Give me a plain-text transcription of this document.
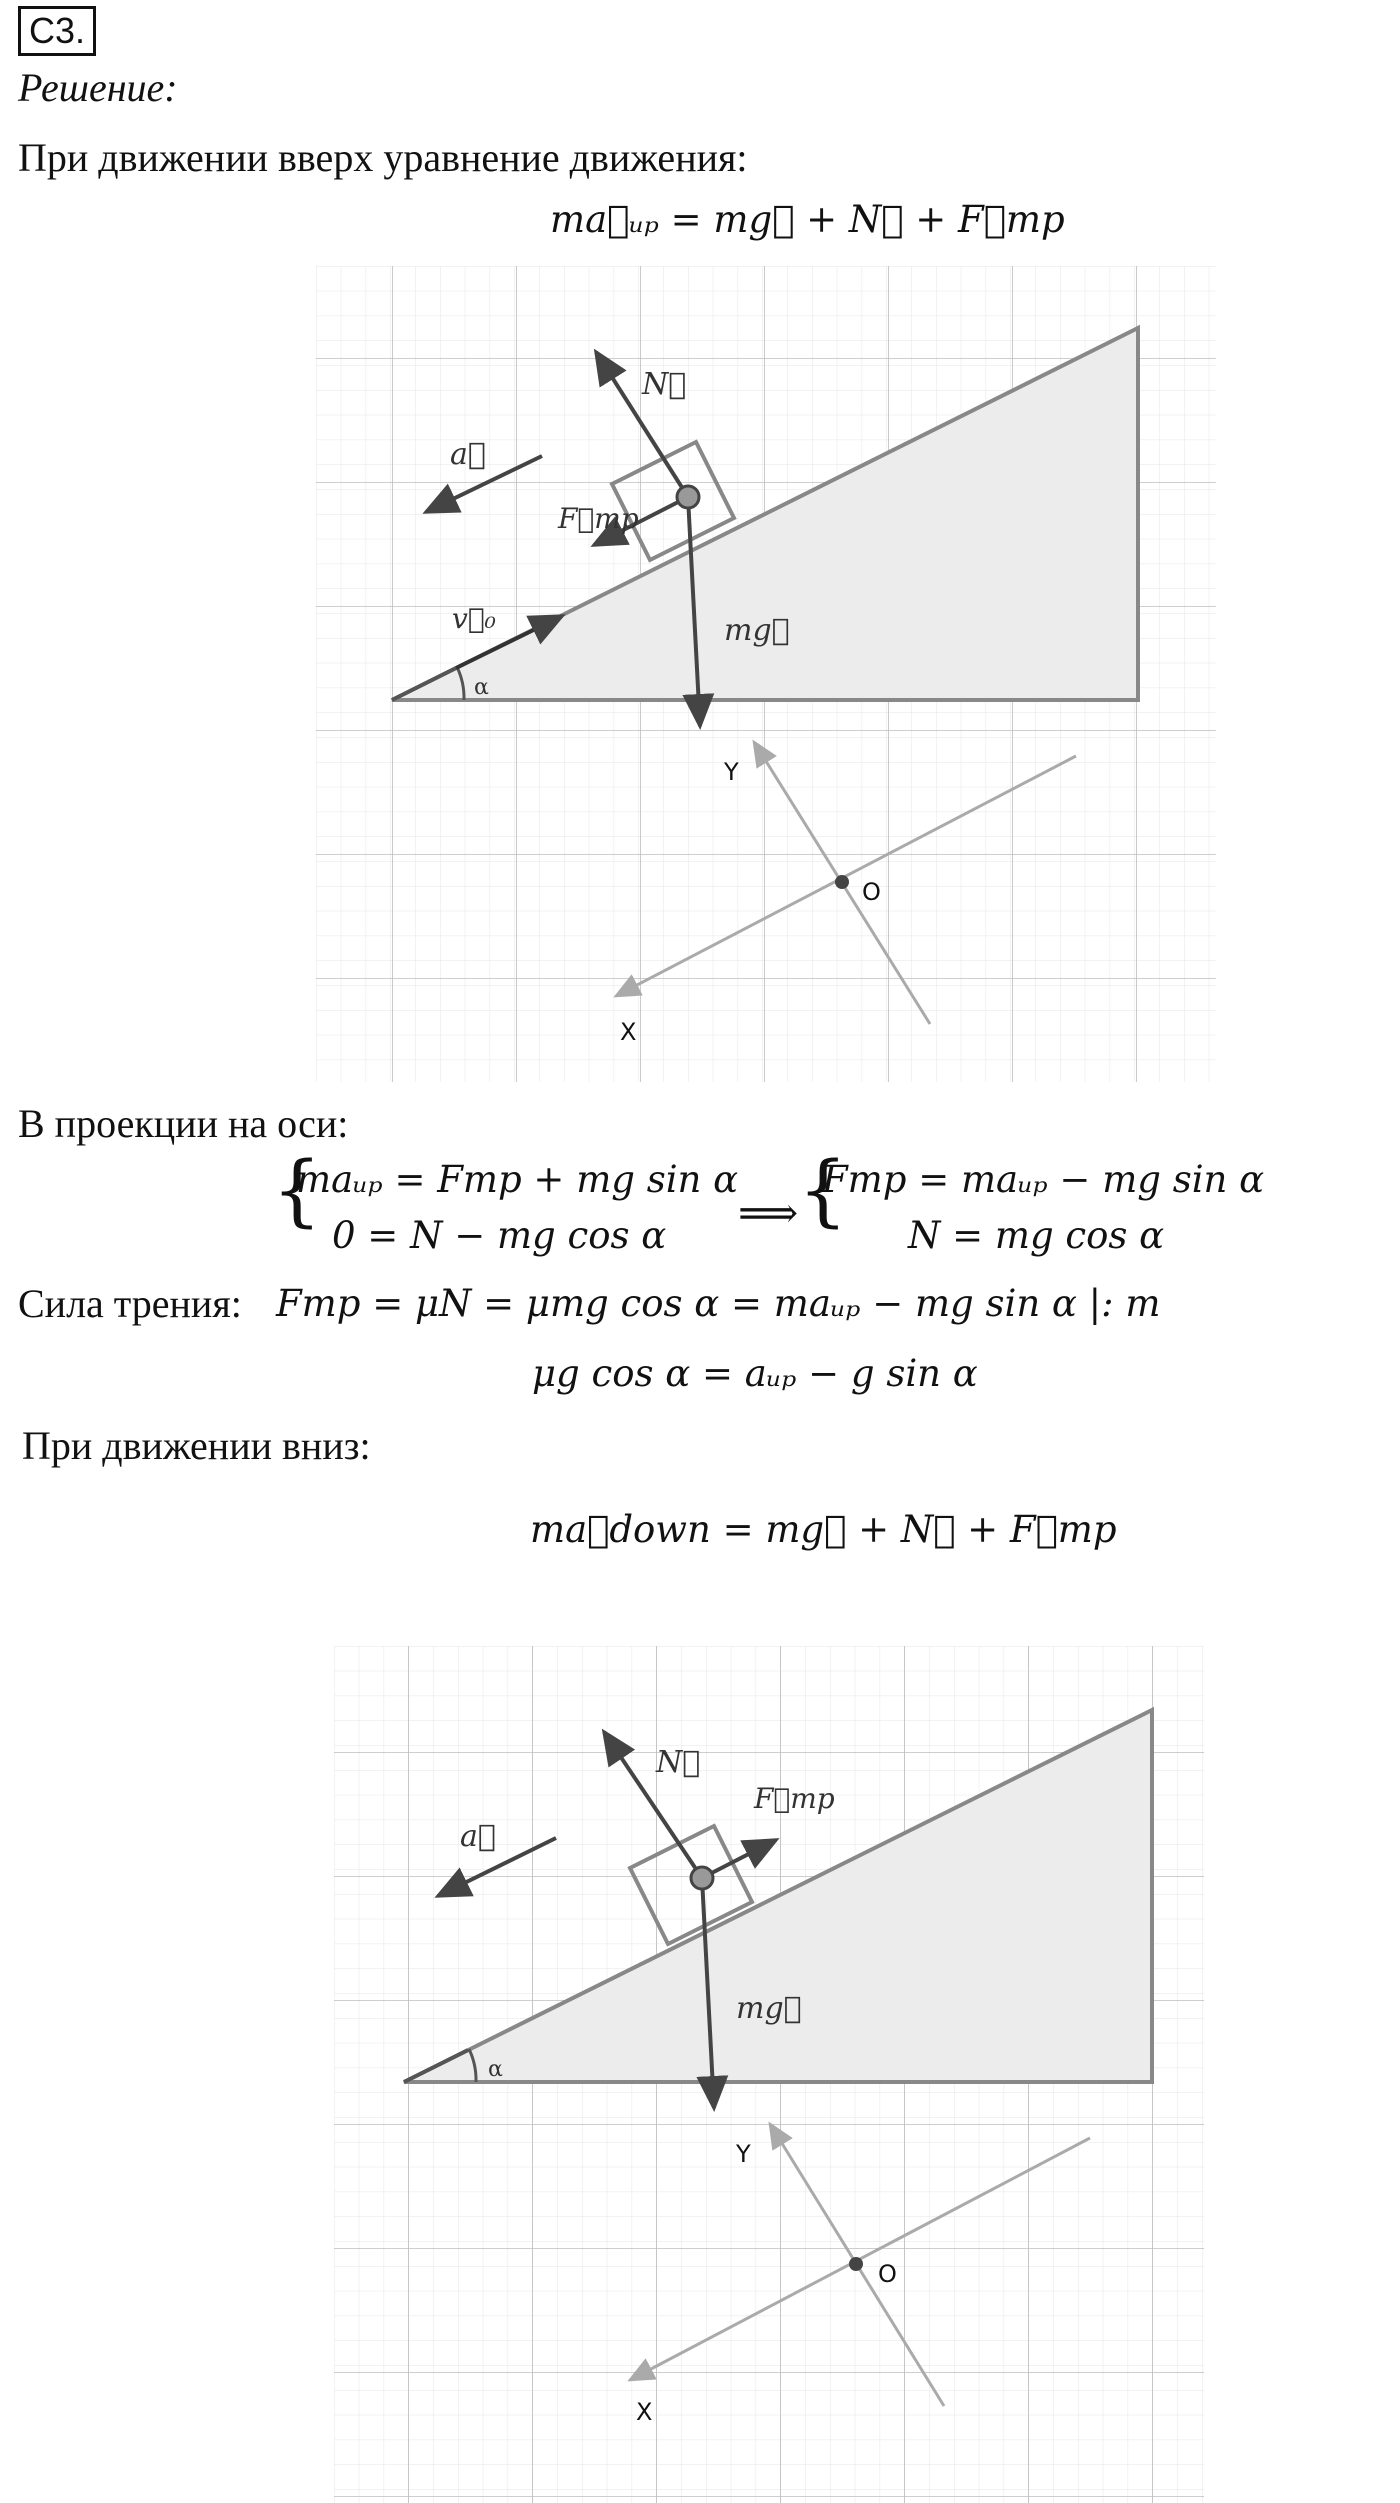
C3.
Решение:
При движении вверх уравнение движения:
ma⃗ᵤₚ = mg⃗ + N⃗ + F⃗тр
α
N⃗
a⃗
F⃗тр
v⃗₀	mg⃗
Y
O
X
В проекции на оси:
{
maᵤₚ = Fтр + mg sin α
0 = N − mg cos α ⟹ {
Fтр = maᵤₚ − mg sin α
N = mg cos α
Сила трения: Fтр = μN = μmg cos α = maᵤₚ − mg sin α |: m
μg cos α = aᵤₚ − g sin α
При движении вниз:
ma⃗down = mg⃗ + N⃗ + F⃗тр
α
N⃗
a⃗
F⃗тр
mg⃗
Y
O
X
